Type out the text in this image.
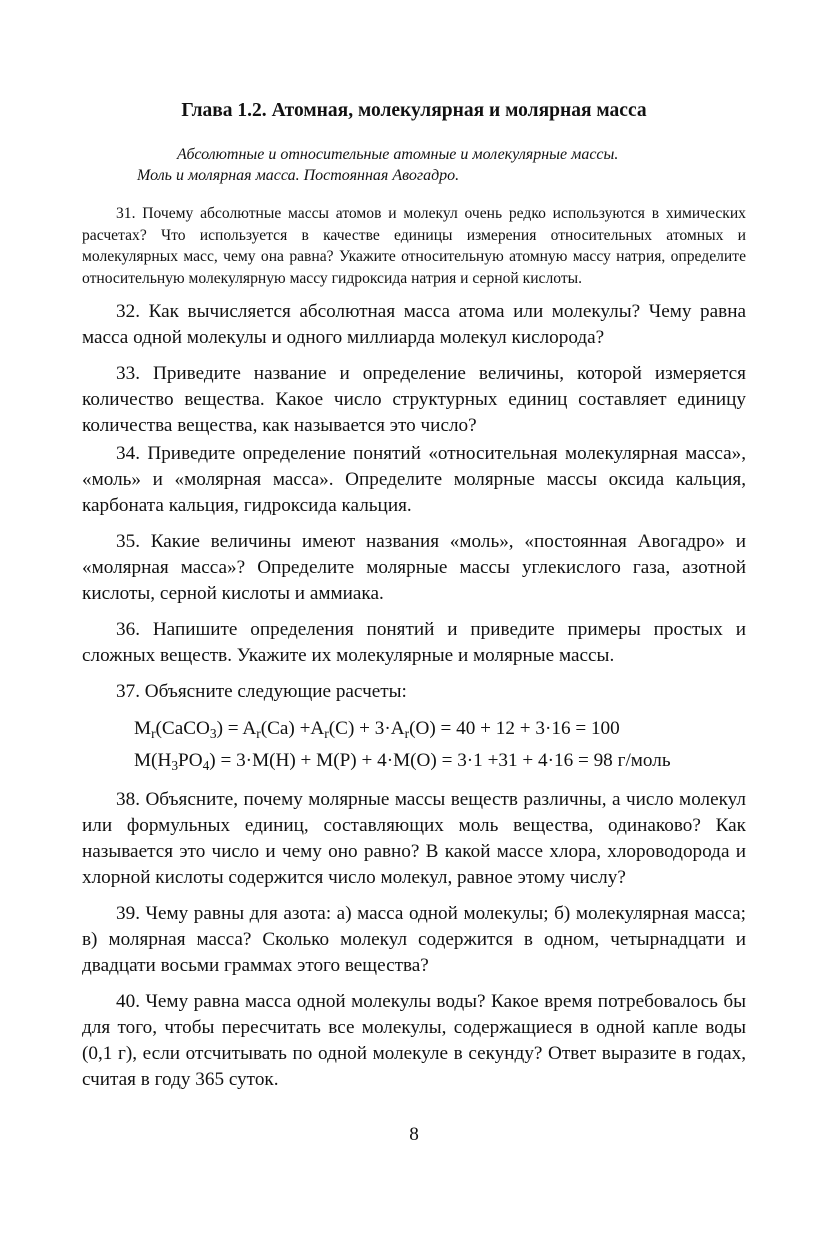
Глава 1.2. Атомная, молекулярная и молярная масса

Абсолютные и относительные атомные и молекулярные массы.
Моль и молярная масса. Постоянная Авогадро.

31. Почему абсолютные массы атомов и молекул очень редко используются в химических расчетах? Что используется в качестве единицы измерения относительных атомных и молекулярных масс, чему она равна? Укажите относительную атомную массу натрия, определите относительную молекулярную массу гидроксида натрия и серной кислоты.

32. Как вычисляется абсолютная масса атома или молекулы? Чему равна масса одной молекулы и одного миллиарда молекул кислорода?

33. Приведите название и определение величины, которой измеряется количество вещества. Какое число структурных единиц составляет единицу количества вещества, как называется это число?

34. Приведите определение понятий «относительная молекулярная масса», «моль» и «молярная масса». Определите молярные массы оксида кальция, карбоната кальция, гидроксида кальция.

35. Какие величины имеют названия «моль», «постоянная Авогадро» и «молярная масса»? Определите молярные массы углекислого газа, азотной кислоты, серной кислоты и аммиака.

36. Напишите определения понятий и приведите примеры простых и сложных веществ. Укажите их молекулярные и молярные массы.

37. Объясните следующие расчеты:

$M_r(CaCO_3) = A_r(Ca) +A_r(C) + 3\cdot A_r(O) = 40 + 12 + 3\cdot 16 = 100$
$M(H_3PO_4) = 3\cdot M(H) + M(P) + 4\cdot M(O) = 3\cdot 1 +31 + 4\cdot 16 = 98$ г/моль

38. Объясните, почему молярные массы веществ различны, а число молекул или формульных единиц, составляющих моль вещества, одинаково? Как называется это число и чему оно равно? В какой массе хлора, хлороводорода и хлорной кислоты содержится число молекул, равное этому числу?

39. Чему равны для азота: а) масса одной молекулы; б) молекулярная масса; в) молярная масса? Сколько молекул содержится в одном, четырнадцати и двадцати восьми граммах этого вещества?

40. Чему равна масса одной молекулы воды? Какое время потребовалось бы для того, чтобы пересчитать все молекулы, содержащиеся в одной капле воды (0,1 г), если отсчитывать по одной молекуле в секунду? Ответ выразите в годах, считая в году 365 суток.

8
